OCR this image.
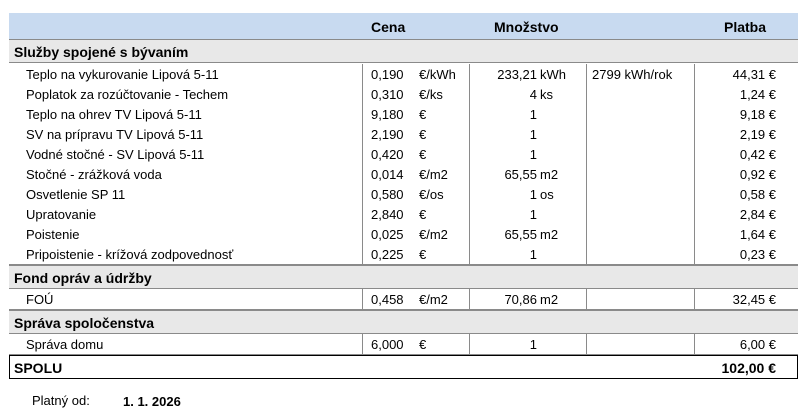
Cena	Množstvo	Platba
Služby spojené s bývaním
Teplo na vykurovanie Lipová 5-11	0,190 €/kWh	233,21 kWh 2799 kWh/rok	44,31 €
Poplatok za rozúčtovanie - Techem	0,310 €/ks	4 ks	1,24 €
Teplo na ohrev TV Lipová 5-11	9,180 €	1	9,18 €
SV na prípravu TV Lipová 5-11	2,190 €	1	2,19 €
Vodné stočné - SV Lipová 5-11	0,420 €	1	0,42 €
Stočné - zrážková voda	0,014 €/m2	65,55 m2	0,92 €
Osvetlenie SP 11	0,580 €/os	1 os	0,58 €
Upratovanie	2,840 €	1	2,84 €
Poistenie	0,025 €/m2	65,55 m2	1,64 €
Pripoistenie - krížová zodpovednosť	0,225 €	1	0,23 €
Fond opráv a údržby
FOÚ	0,458 €/m2	70,86 m2	32,45 €
Správa spoločenstva
Správa domu	6,000 €	1	6,00 €
SPOLU	102,00 €
Platný od:	1. 1. 2026
